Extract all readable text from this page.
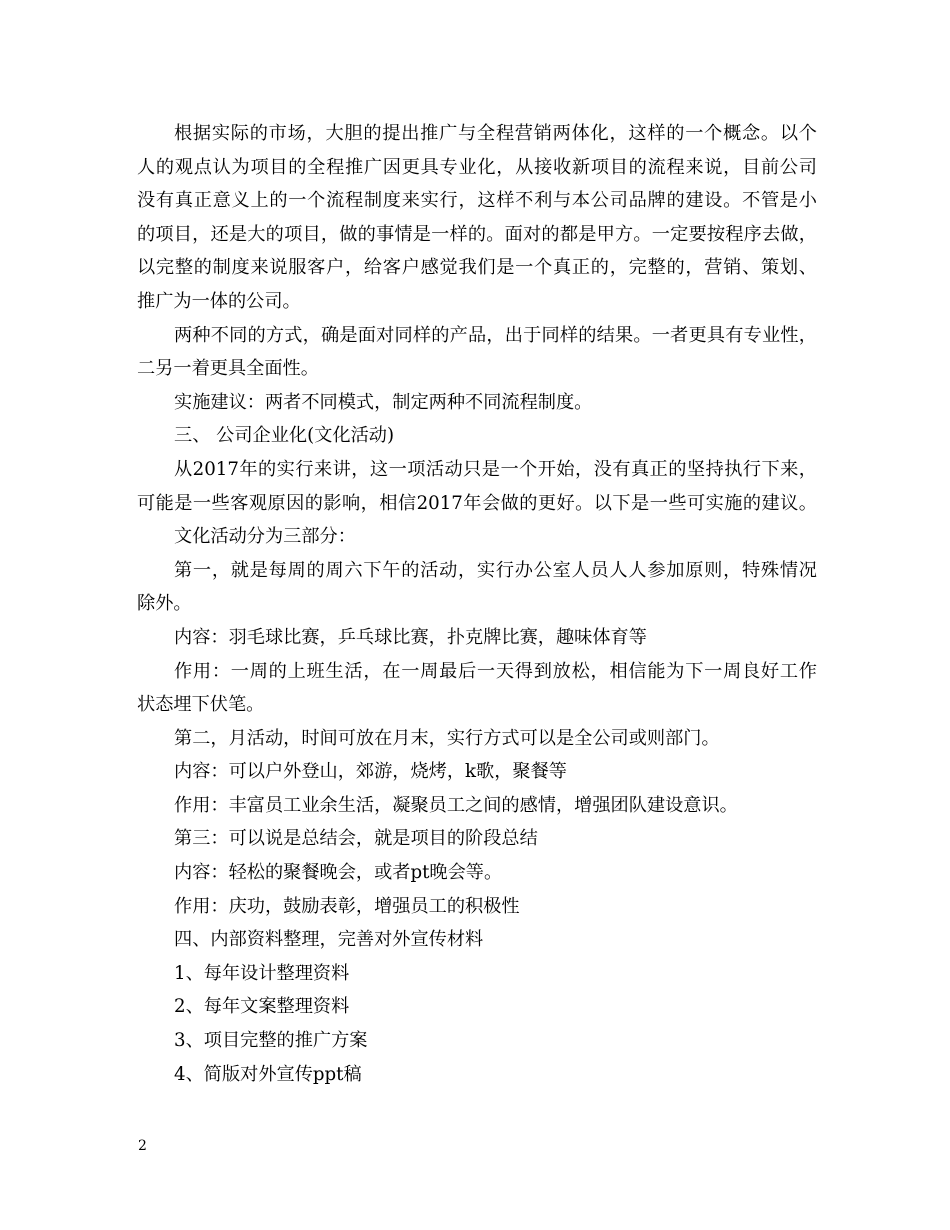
根据实际的市场，大胆的提出推广与全程营销两体化，这样的一个概念。以个
人的观点认为项目的全程推广因更具专业化，从接收新项目的流程来说，目前公司
没有真正意义上的一个流程制度来实行，这样不利与本公司品牌的建设。不管是小
的项目，还是大的项目，做的事情是一样的。面对的都是甲方。一定要按程序去做，
以完整的制度来说服客户，给客户感觉我们是一个真正的，完整的，营销、策划、
推广为一体的公司。
两种不同的方式，确是面对同样的产品，出于同样的结果。一者更具有专业性，
二另一着更具全面性。
实施建议：两者不同模式，制定两种不同流程制度。
三、 公司企业化(文化活动)
从2017年的实行来讲，这一项活动只是一个开始，没有真正的坚持执行下来，
可能是一些客观原因的影响，相信2017年会做的更好。以下是一些可实施的建议。
文化活动分为三部分：
第一，就是每周的周六下午的活动，实行办公室人员人人参加原则，特殊情况
除外。
内容：羽毛球比赛，乒乓球比赛，扑克牌比赛，趣味体育等
作用：一周的上班生活，在一周最后一天得到放松，相信能为下一周良好工作
状态埋下伏笔。
第二，月活动，时间可放在月末，实行方式可以是全公司或则部门。
内容：可以户外登山，郊游，烧烤，k歌，聚餐等
作用：丰富员工业余生活，凝聚员工之间的感情，增强团队建设意识。
第三：可以说是总结会，就是项目的阶段总结
内容：轻松的聚餐晚会，或者pt晚会等。
作用：庆功，鼓励表彰，增强员工的积极性
四、内部资料整理，完善对外宣传材料
1、每年设计整理资料
2、每年文案整理资料
3、项目完整的推广方案
4、简版对外宣传ppt稿
2
